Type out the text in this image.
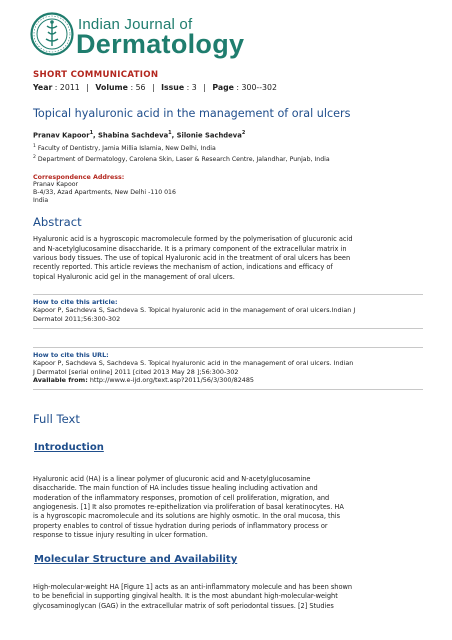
Indian Journal of
Dermatology
SHORT COMMUNICATION
Year : 2011 | Volume : 56 | Issue : 3 | Page : 300--302
Topical hyaluronic acid in the management of oral ulcers
Pranav Kapoor$^1$, Shabina Sachdeva$^1$, Silonie Sachdeva$^2$
$^1$ Faculty of Dentistry, Jamia Millia Islamia, New Delhi, India
$^2$ Department of Dermatology, Carolena Skin, Laser & Research Centre, Jalandhar, Punjab, India
Correspondence Address:
Pranav Kapoor
B-4/33, Azad Apartments, New Delhi -110 016
India
Abstract
Hyaluronic acid is a hygroscopic macromolecule formed by the polymerisation of glucuronic acid
and N-acetylglucosamine disaccharide. It is a primary component of the extracellular matrix in
various body tissues. The use of topical Hyaluronic acid in the treatment of oral ulcers has been
recently reported. This article reviews the mechanism of action, indications and efficacy of
topical Hyaluronic acid gel in the management of oral ulcers.
How to cite this article:
Kapoor P, Sachdeva S, Sachdeva S. Topical hyaluronic acid in the management of oral ulcers.Indian J
Dermatol 2011;56:300-302
How to cite this URL:
Kapoor P, Sachdeva S, Sachdeva S. Topical hyaluronic acid in the management of oral ulcers. Indian
J Dermatol [serial online] 2011 [cited 2013 May 28 ];56:300-302
Available from: http://www.e-ijd.org/text.asp?2011/56/3/300/82485
Full Text
Introduction
Hyaluronic acid (HA) is a linear polymer of glucuronic acid and N-acetylglucosamine
disaccharide. The main function of HA includes tissue healing including activation and
moderation of the inflammatory responses, promotion of cell proliferation, migration, and
angiogenesis. [1] It also promotes re-epithelization via proliferation of basal keratinocytes. HA
is a hygroscopic macromolecule and its solutions are highly osmotic. In the oral mucosa, this
property enables to control of tissue hydration during periods of inflammatory process or
response to tissue injury resulting in ulcer formation.
Molecular Structure and Availability
High-molecular-weight HA [Figure 1] acts as an anti-inflammatory molecule and has been shown
to be beneficial in supporting gingival health. It is the most abundant high-molecular-weight
glycosaminoglycan (GAG) in the extracellular matrix of soft periodontal tissues. [2] Studies
